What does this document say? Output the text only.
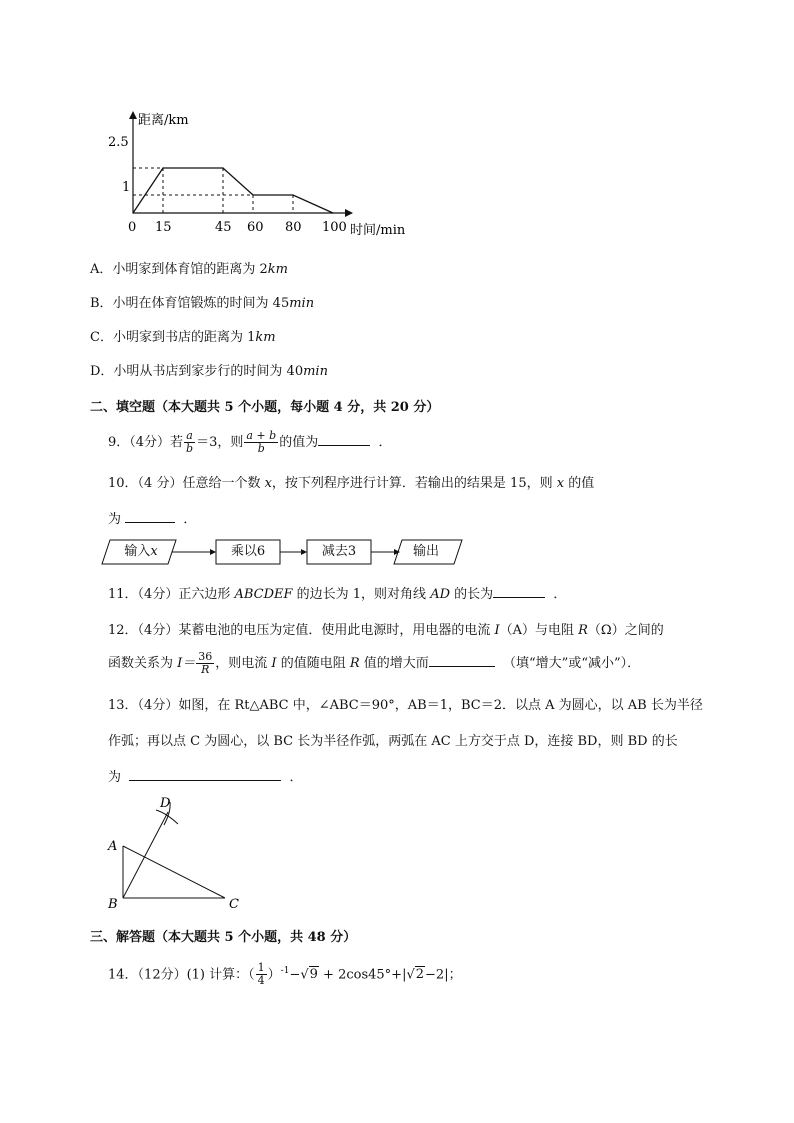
距离/km
时间/min
2.5
1
0 15	45 60 80 100
A．小明家到体育馆的距离为 2km
B．小明在体育馆锻炼的时间为 45min
C．小明家到书店的距离为 1km
D．小明从书店到家步行的时间为 40min
二、填空题（本大题共 5 个小题，每小题 4 分，共 20 分）
9．（4分）若 $\frac{a}{b} =3$，则 $\frac{a + b}{b}$ 的值为	．
10．（4 分）任意给一个数 x，按下列程序进行计算．若输出的结果是 15，则 x 的值
为	．
输入x	乘以6	减去3	输出
11．（4分）正六边形 ABCDEF 的边长为 1，则对角线 AD 的长为	．
12．（4分）某蓄电池的电压为定值．使用此电源时，用电器的电流 I（A）与电阻 R（Ω）之间的
函数关系为 $I= \frac{36}{R}$ ，则电流 I 的值随电阻 R 值的增大而	（填“增大”或“减小”）．
13．（4分）如图，在 Rt△ABC 中，∠ABC＝90°，AB＝1，BC＝2．以点 A 为圆心，以 AB 长为半径
作弧；再以点 C 为圆心，以 BC 长为半径作弧，两弧在 AC 上方交于点 D，连接 BD，则 BD 的长
为	．
D
A
B	C
三、解答题（本大题共 5 个小题，共 48 分）
14．（12分）(1) 计算：（ $\frac{1}{4} )^{-1}-√9 + 2\cos 45^\circ+|√2-2|$；
